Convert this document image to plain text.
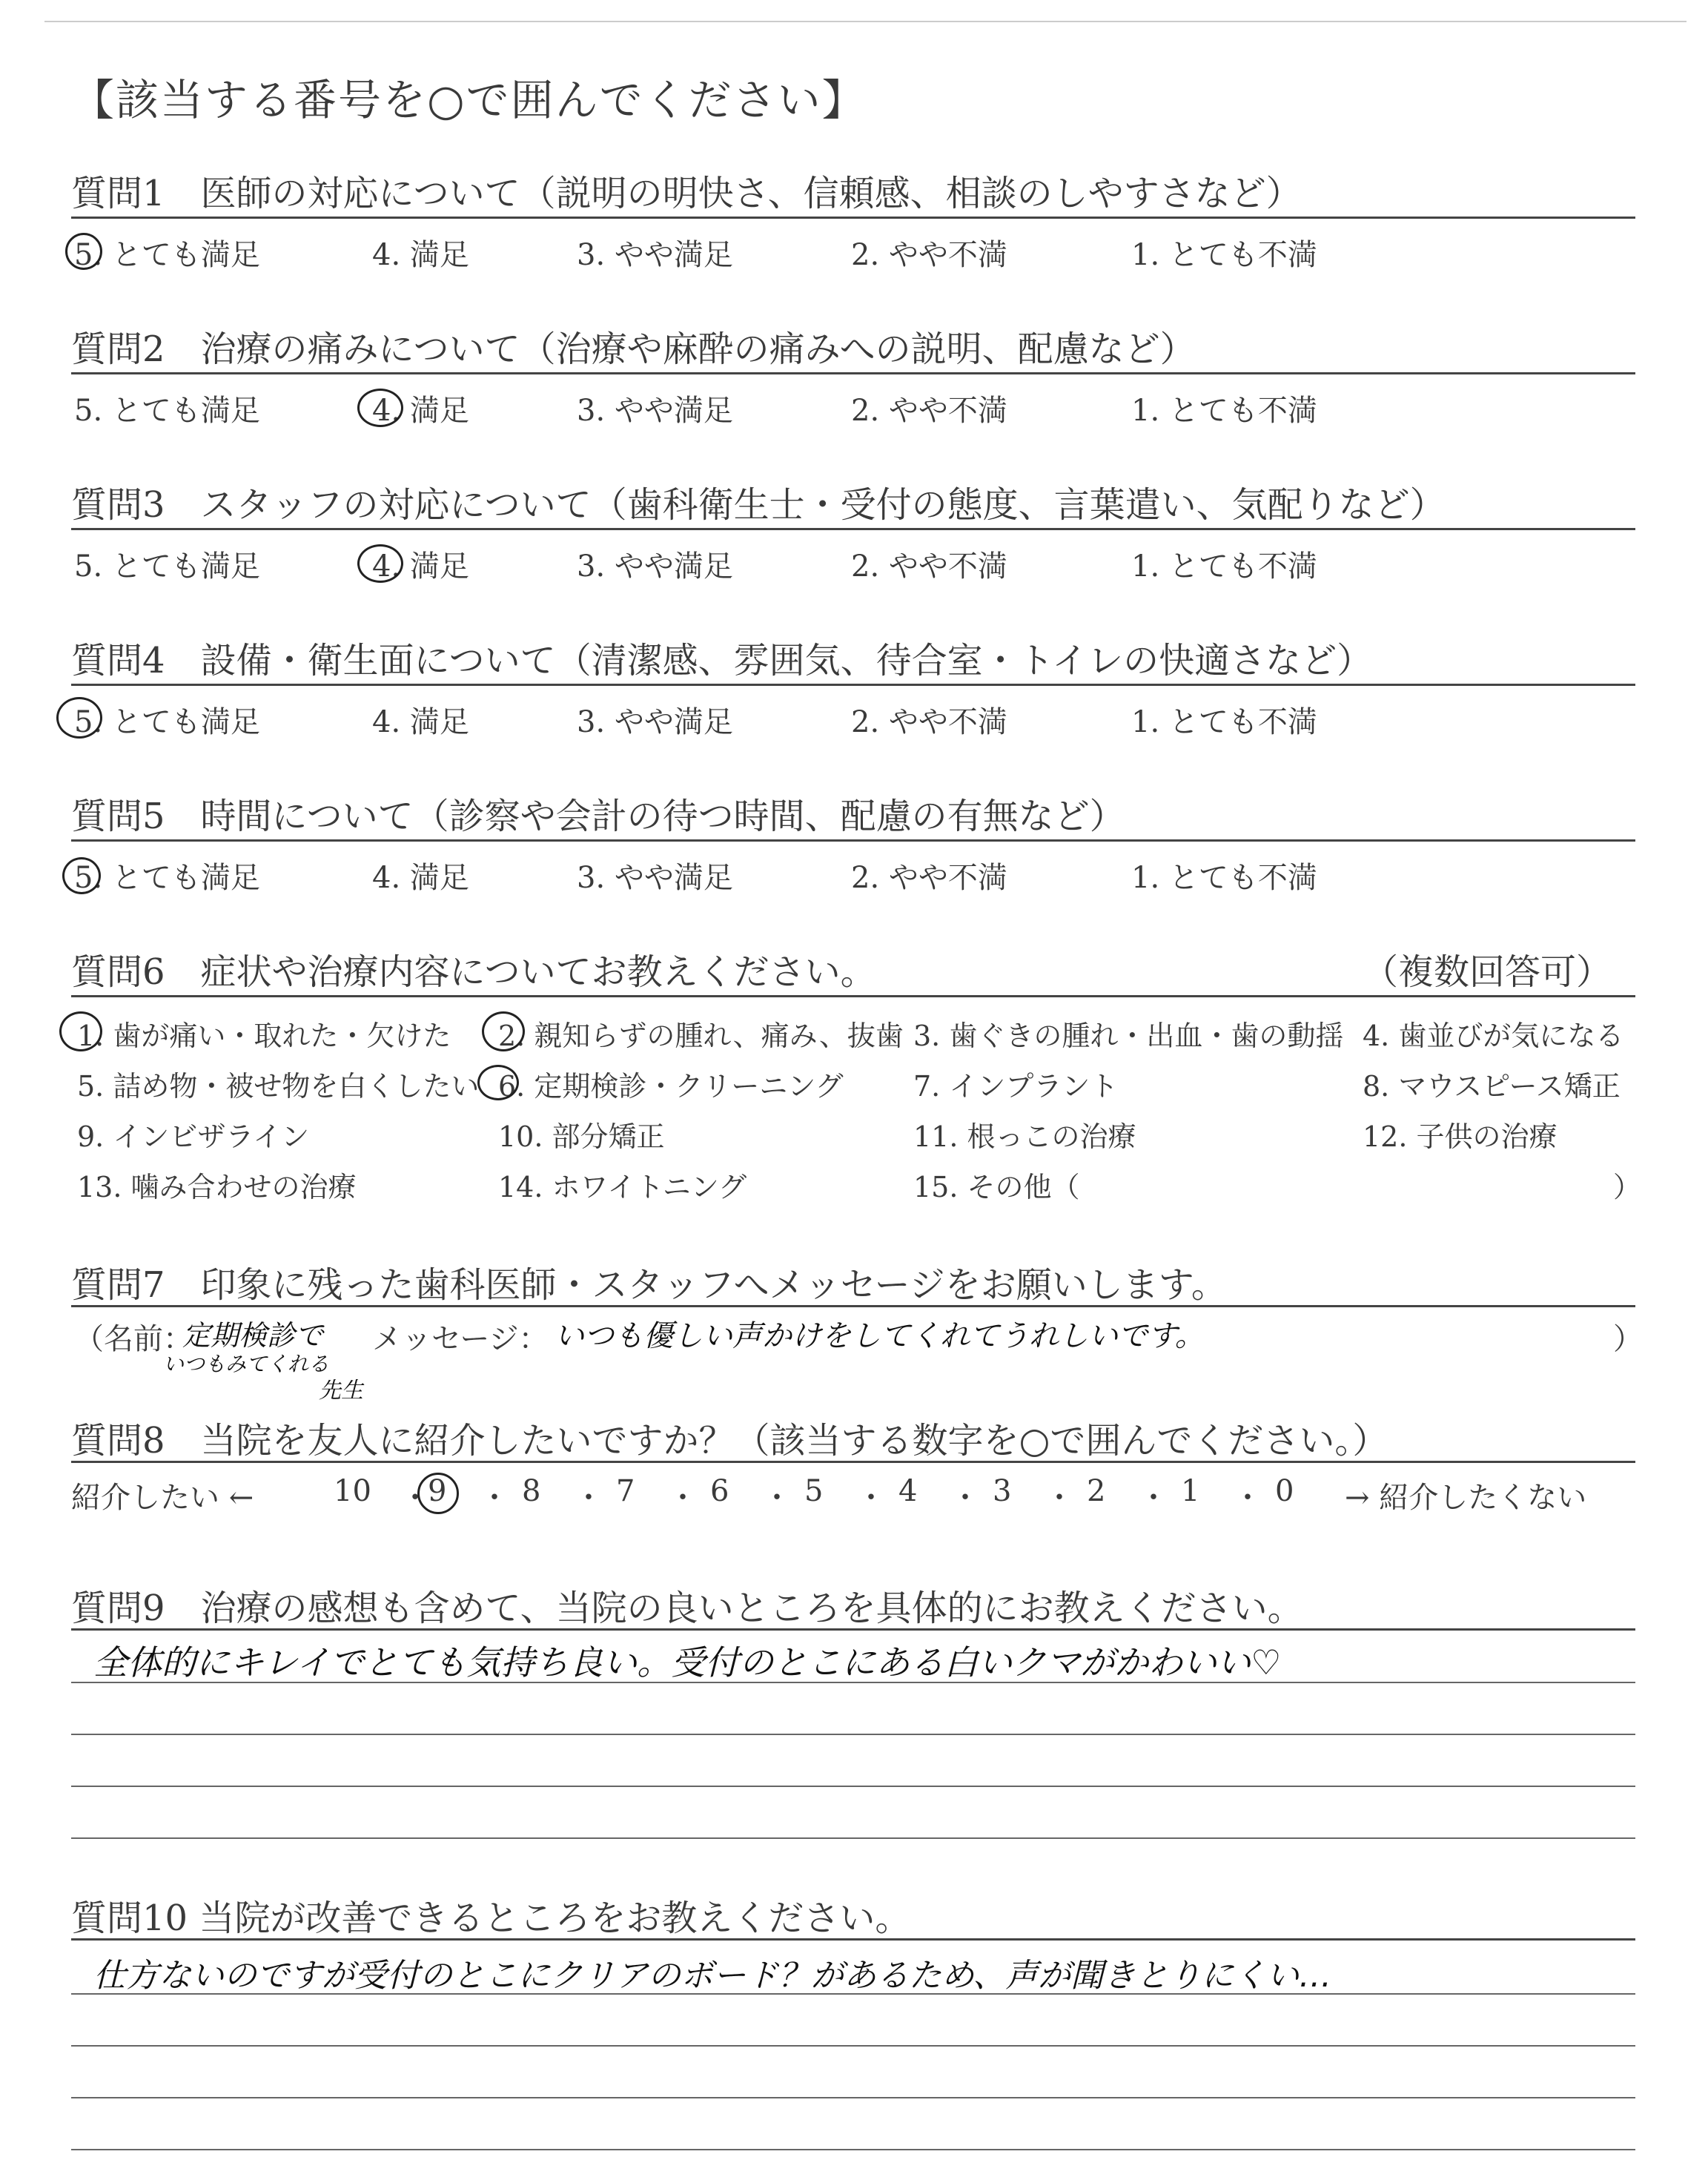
【該当する番号を○で囲んでください】
質問1　医師の対応について（説明の明快さ、信頼感、相談のしやすさなど）
5. とても満足	4. 満足	3. やや満足	2. やや不満	1. とても不満
質問2　治療の痛みについて（治療や麻酔の痛みへの説明、配慮など）
5. とても満足	4. 満足	3. やや満足	2. やや不満	1. とても不満
質問3　スタッフの対応について（歯科衛生士・受付の態度、言葉遣い、気配りなど）
5. とても満足	4. 満足	3. やや満足	2. やや不満	1. とても不満
質問4　設備・衛生面について（清潔感、雰囲気、待合室・トイレの快適さなど）
5. とても満足	4. 満足	3. やや満足	2. やや不満	1. とても不満
質問5　時間について（診察や会計の待つ時間、配慮の有無など）
5. とても満足	4. 満足	3. やや満足	2. やや不満	1. とても不満
質問6　症状や治療内容についてお教えください。	（複数回答可）
1. 歯が痛い・取れた・欠けた 2. 親知らずの腫れ、痛み、抜歯 3. 歯ぐきの腫れ・出血・歯の動揺 4. 歯並びが気になる
5. 詰め物・被せ物を白くしたい 6. 定期検診・クリーニング 7. インプラント	8. マウスピース矯正
9. インビザライン	10. 部分矯正	11. 根っこの治療	12. 子供の治療
13. 噛み合わせの治療	14. ホワイトニング	15. その他（	）
質問7　印象に残った歯科医師・スタッフへメッセージをお願いします。
（名前：
定期検診で
いつもみてくれる
先生
メッセージ： いつも優しい声かけをしてくれてうれしいです。	）
質問8　当院を友人に紹介したいですか？（該当する数字を○で囲んでください。）
紹介したい ←	10 ・
9 ・ 8 ・ 7 ・ 6 ・ 5 ・ 4 ・ 3 ・ 2 ・ 1 ・ 0 → 紹介したくない
質問9　治療の感想も含めて、当院の良いところを具体的にお教えください。
全体的にキレイでとても気持ち良い。受付のとこにある白いクマがかわいい♡
質問10 当院が改善できるところをお教えください。
仕方ないのですが受付のとこにクリアのボード？があるため、声が聞きとりにくい…
